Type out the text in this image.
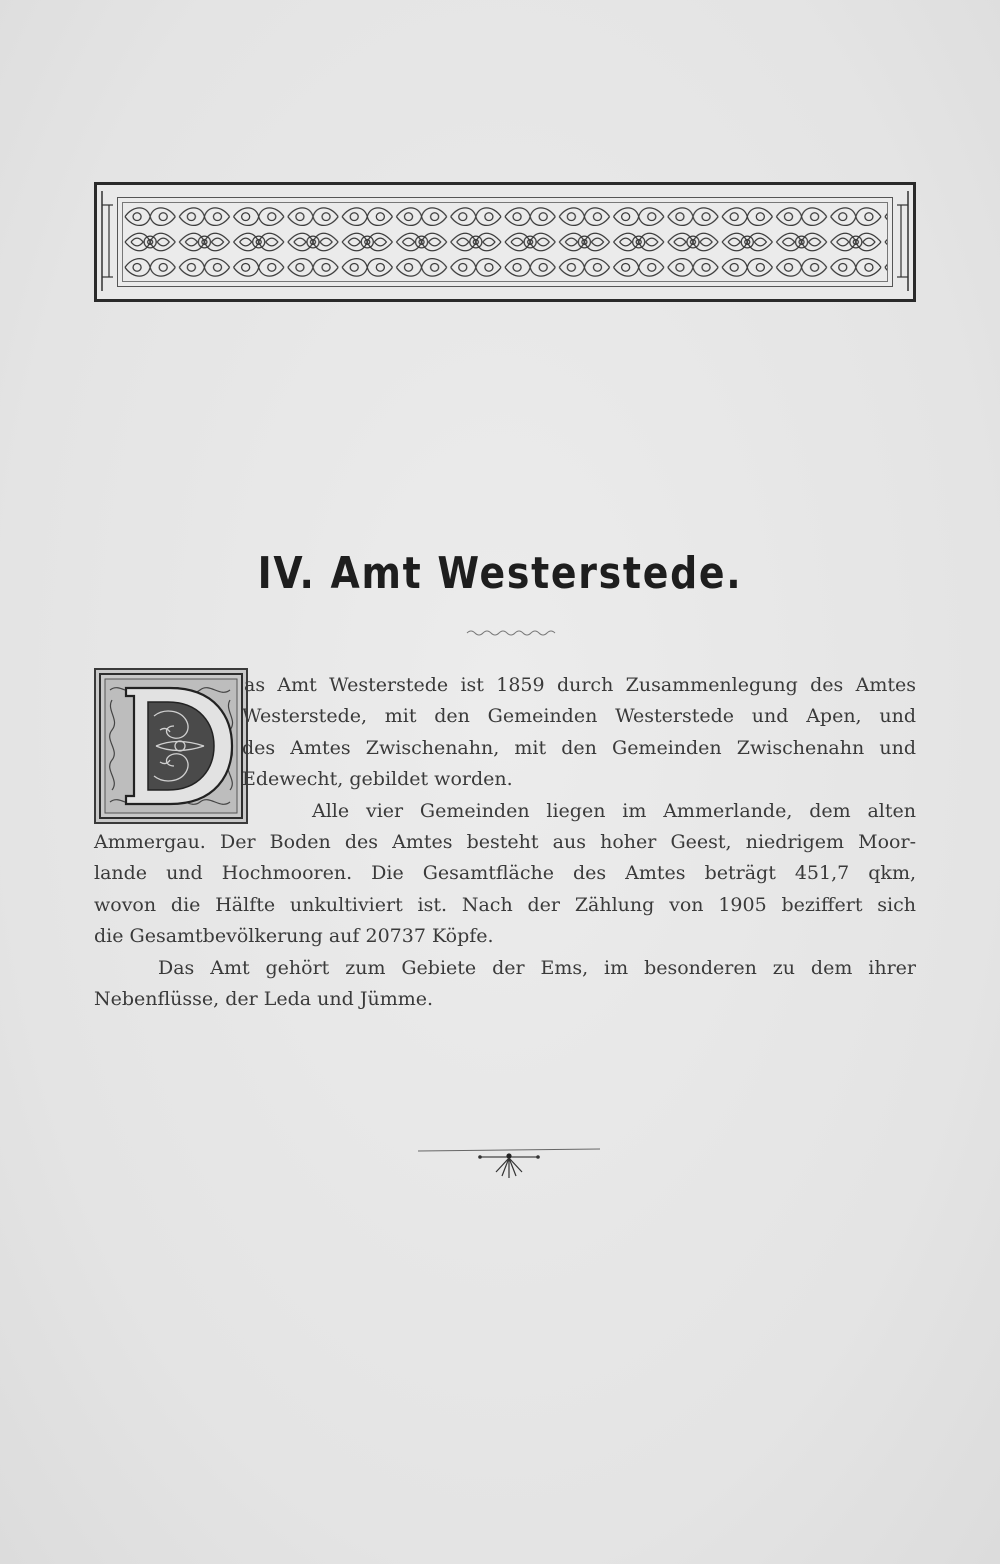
IV. Amt Westerstede.
as Amt Westerstede ist 1859 durch Zusammenlegung des Amtes
Westerstede, mit den Gemeinden Westerstede und Apen, und
des Amtes Zwischenahn, mit den Gemeinden Zwischenahn und
Edewecht, gebildet worden.
Alle vier Gemeinden liegen im Ammerlande, dem alten
Ammergau. Der Boden des Amtes besteht aus hoher Geest, niedrigem Moor-
lande und Hochmooren. Die Gesamtfläche des Amtes beträgt 451,7 qkm,
wovon die Hälfte unkultiviert ist. Nach der Zählung von 1905 beziffert sich
die Gesamtbevölkerung auf 20737 Köpfe.
Das Amt gehört zum Gebiete der Ems, im besonderen zu dem ihrer
Nebenflüsse, der Leda und Jümme.
